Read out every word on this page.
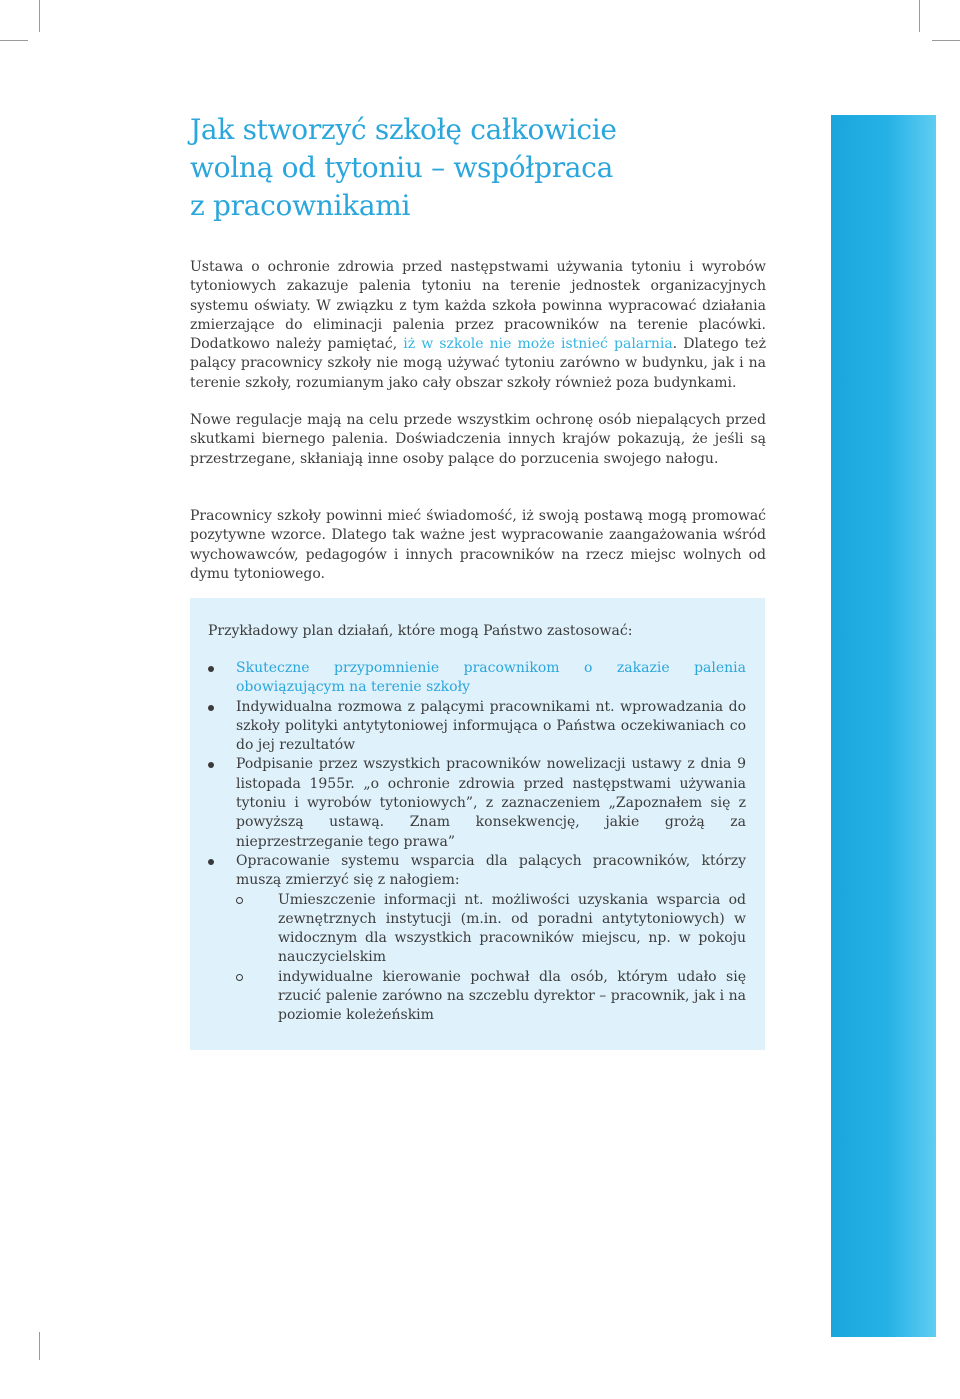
7
Jak stworzyć szkołę całkowicie
wolną od tytoniu – współpraca
z pracownikami

Ustawa o ochronie zdrowia przed następstwami używania tytoniu i wyrobów tytoniowych zakazuje palenia tytoniu na terenie jednostek organizacyjnych systemu oświaty. W związku z tym każda szkoła powinna wypracować działania zmierzające do eliminacji palenia przez pracowników na terenie placówki. Dodatkowo należy pamiętać, iż w szkole nie może istnieć palarnia. Dlatego też palący pracownicy szkoły nie mogą używać tytoniu zarówno w budynku, jak i na terenie szkoły, rozumianym jako cały obszar szkoły również poza budynkami.

Nowe regulacje mają na celu przede wszystkim ochronę osób niepalących przed skutkami biernego palenia. Doświadczenia innych krajów pokazują, że jeśli są przestrzegane, skłaniają inne osoby palące do porzucenia swojego nałogu.

Pracownicy szkoły powinni mieć świadomość, iż swoją postawą mogą promować pozytywne wzorce. Dlatego tak ważne jest wypracowanie zaangażowania wśród wychowawców, pedagogów i innych pracowników na rzecz miejsc wolnych od dymu tytoniowego.

Przykładowy plan działań, które mogą Państwo zastosować:

Skuteczne przypomnienie pracownikom o zakazie palenia obowiązującym na terenie szkoły
Indywidualna rozmowa z palącymi pracownikami nt. wprowadzania do szkoły polityki antytytoniowej informująca o Państwa oczekiwaniach co do jej rezultatów
Podpisanie przez wszystkich pracowników nowelizacji ustawy z dnia 9 listopada 1955r. „o ochronie zdrowia przed następstwami używania tytoniu i wyrobów tytoniowych”, z zaznaczeniem „Zapoznałem się z powyższą ustawą. Znam konsekwencję, jakie grożą za nieprzestrzeganie tego prawa”
Opracowanie systemu wsparcia dla palących pracowników, którzy muszą zmierzyć się z nałogiem:
Umieszczenie informacji nt. możliwości uzyskania wsparcia od zewnętrznych instytucji (m.in. od poradni antytytoniowych) w widocznym dla wszystkich pracowników miejscu, np. w pokoju nauczycielskim
indywidualne kierowanie pochwał dla osób, którym udało się rzucić palenie zarówno na szczeblu dyrektor – pracownik, jak i na poziomie koleżeńskim
